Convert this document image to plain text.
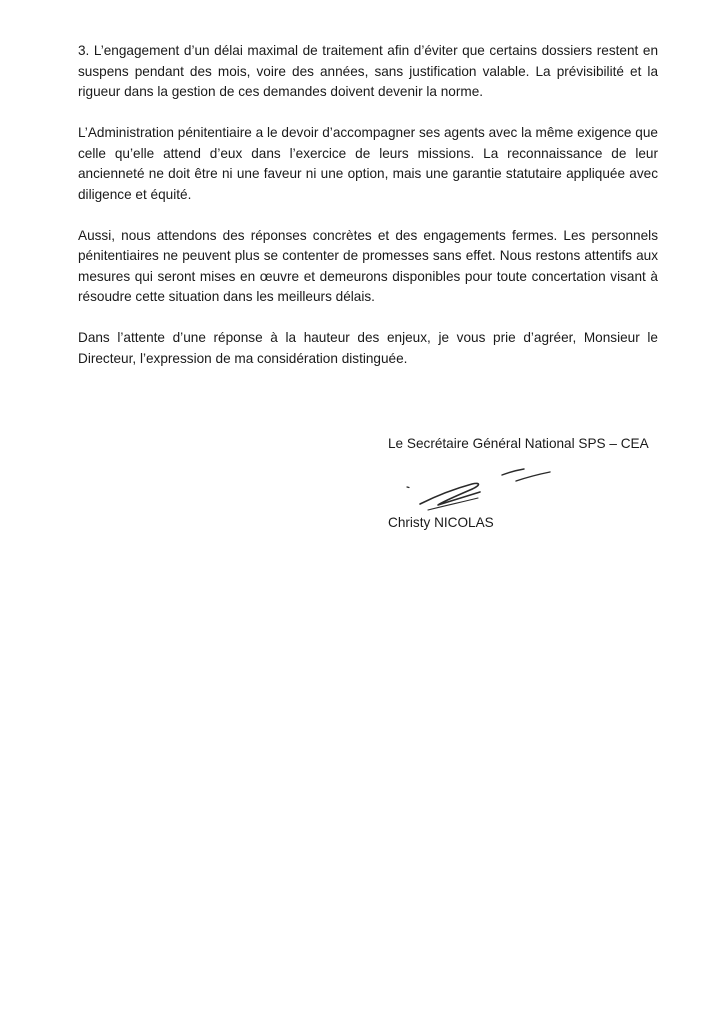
3. L’engagement d’un délai maximal de traitement afin d’éviter que certains dossiers restent en suspens pendant des mois, voire des années, sans justification valable. La prévisibilité et la rigueur dans la gestion de ces demandes doivent devenir la norme.

L’Administration pénitentiaire a le devoir d’accompagner ses agents avec la même exigence que celle qu’elle attend d’eux dans l’exercice de leurs missions. La reconnaissance de leur ancienneté ne doit être ni une faveur ni une option, mais une garantie statutaire appliquée avec diligence et équité.

Aussi, nous attendons des réponses concrètes et des engagements fermes. Les personnels pénitentiaires ne peuvent plus se contenter de promesses sans effet. Nous restons attentifs aux mesures qui seront mises en œuvre et demeurons disponibles pour toute concertation visant à résoudre cette situation dans les meilleurs délais.

Dans l’attente d’une réponse à la hauteur des enjeux, je vous prie d’agréer, Monsieur le Directeur, l’expression de ma considération distinguée.

Le Secrétaire Général National SPS – CEA
Christy NICOLAS
